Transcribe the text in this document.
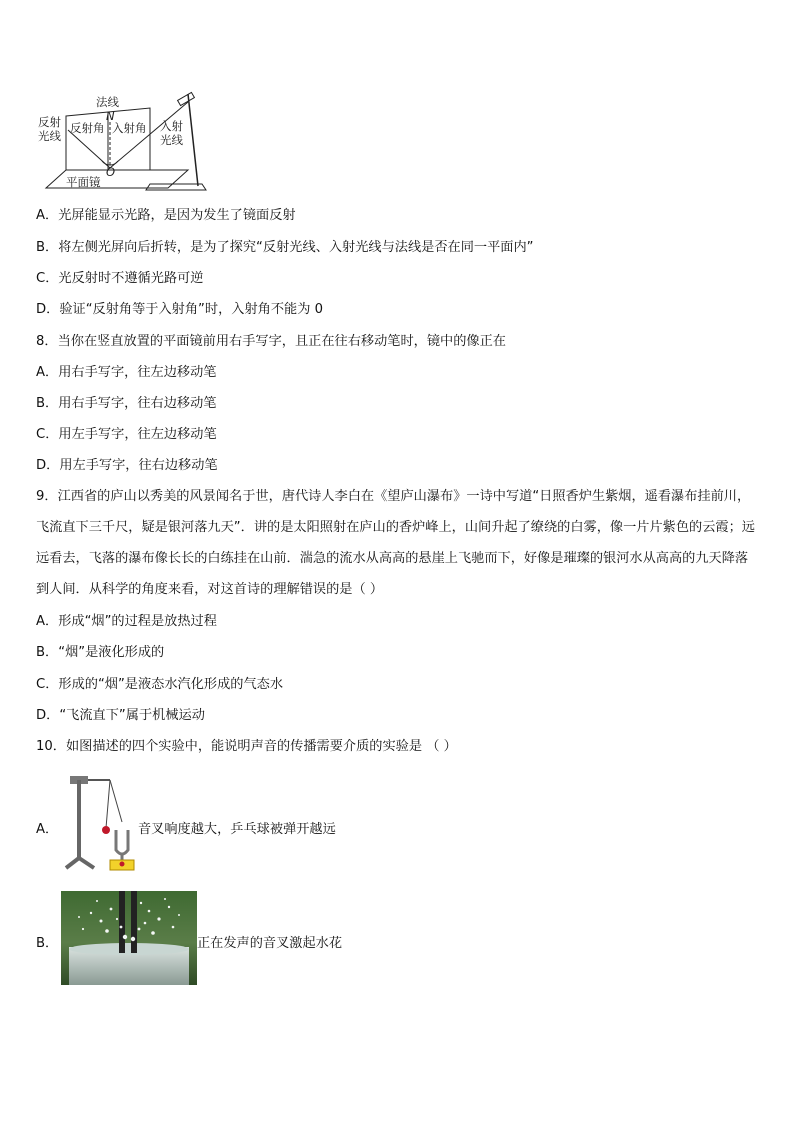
法线
N
反射
光线
反射角 入射角 入射
光线
O
平面镜
A．光屏能显示光路，是因为发生了镜面反射
B．将左侧光屏向后折转，是为了探究“反射光线、入射光线与法线是否在同一平面内”
C．光反射时不遵循光路可逆
D．验证“反射角等于入射角”时，入射角不能为 0
8．当你在竖直放置的平面镜前用右手写字，且正在往右移动笔时，镜中的像正在
A．用右手写字，往左边移动笔
B．用右手写字，往右边移动笔
C．用左手写字，往左边移动笔
D．用左手写字，往右边移动笔
9．江西省的庐山以秀美的风景闻名于世，唐代诗人李白在《望庐山瀑布》一诗中写道“日照香炉生紫烟，遥看瀑布挂前川，飞流直下三千尺，疑是银河落九天”．讲的是太阳照射在庐山的香炉峰上，山间升起了缭绕的白雾，像一片片紫色的云霞；远远看去，飞落的瀑布像长长的白练挂在山前．湍急的流水从高高的悬崖上飞驰而下，好像是璀璨的银河水从高高的九天降落到人间．从科学的角度来看，对这首诗的理解错误的是（ ）
A．形成“烟”的过程是放热过程
B．“烟”是液化形成的
C．形成的“烟”是液态水汽化形成的气态水
D．“飞流直下”属于机械运动
10．如图描述的四个实验中，能说明声音的传播需要介质的实验是 （ ）
A．	音叉响度越大，乒乓球被弹开越远
B．	正在发声的音叉激起水花
